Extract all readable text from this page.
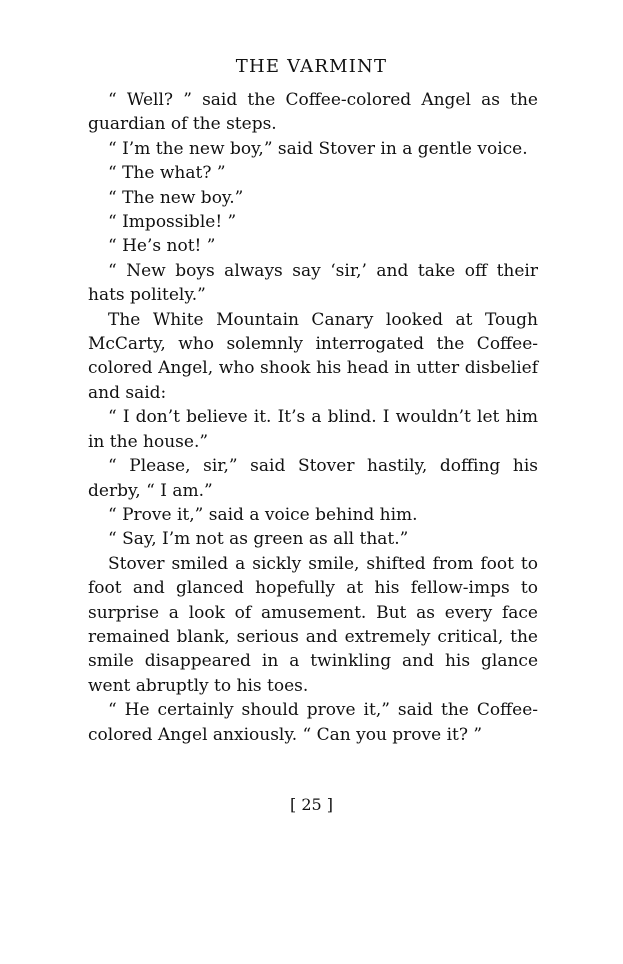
THE VARMINT

“ Well? ” said the Coffee-colored Angel as the guardian of the steps.

“ I’m the new boy,” said Stover in a gentle voice.

“ The what? ”

“ The new boy.”

“ Impossible! ”

“ He’s not! ”

“ New boys always say ‘sir,’ and take off their hats politely.”

The White Mountain Canary looked at Tough McCarty, who solemnly interrogated the Coffee-colored Angel, who shook his head in utter disbelief and said:

“ I don’t believe it. It’s a blind. I wouldn’t let him in the house.”

“ Please, sir,” said Stover hastily, doffing his derby, “ I am.”

“ Prove it,” said a voice behind him.

“ Say, I’m not as green as all that.”

Stover smiled a sickly smile, shifted from foot to foot and glanced hopefully at his fellow-imps to surprise a look of amusement. But as every face remained blank, serious and extremely critical, the smile disappeared in a twinkling and his glance went abruptly to his toes.

“ He certainly should prove it,” said the Coffee-colored Angel anxiously. “ Can you prove it? ”

[ 25 ]
